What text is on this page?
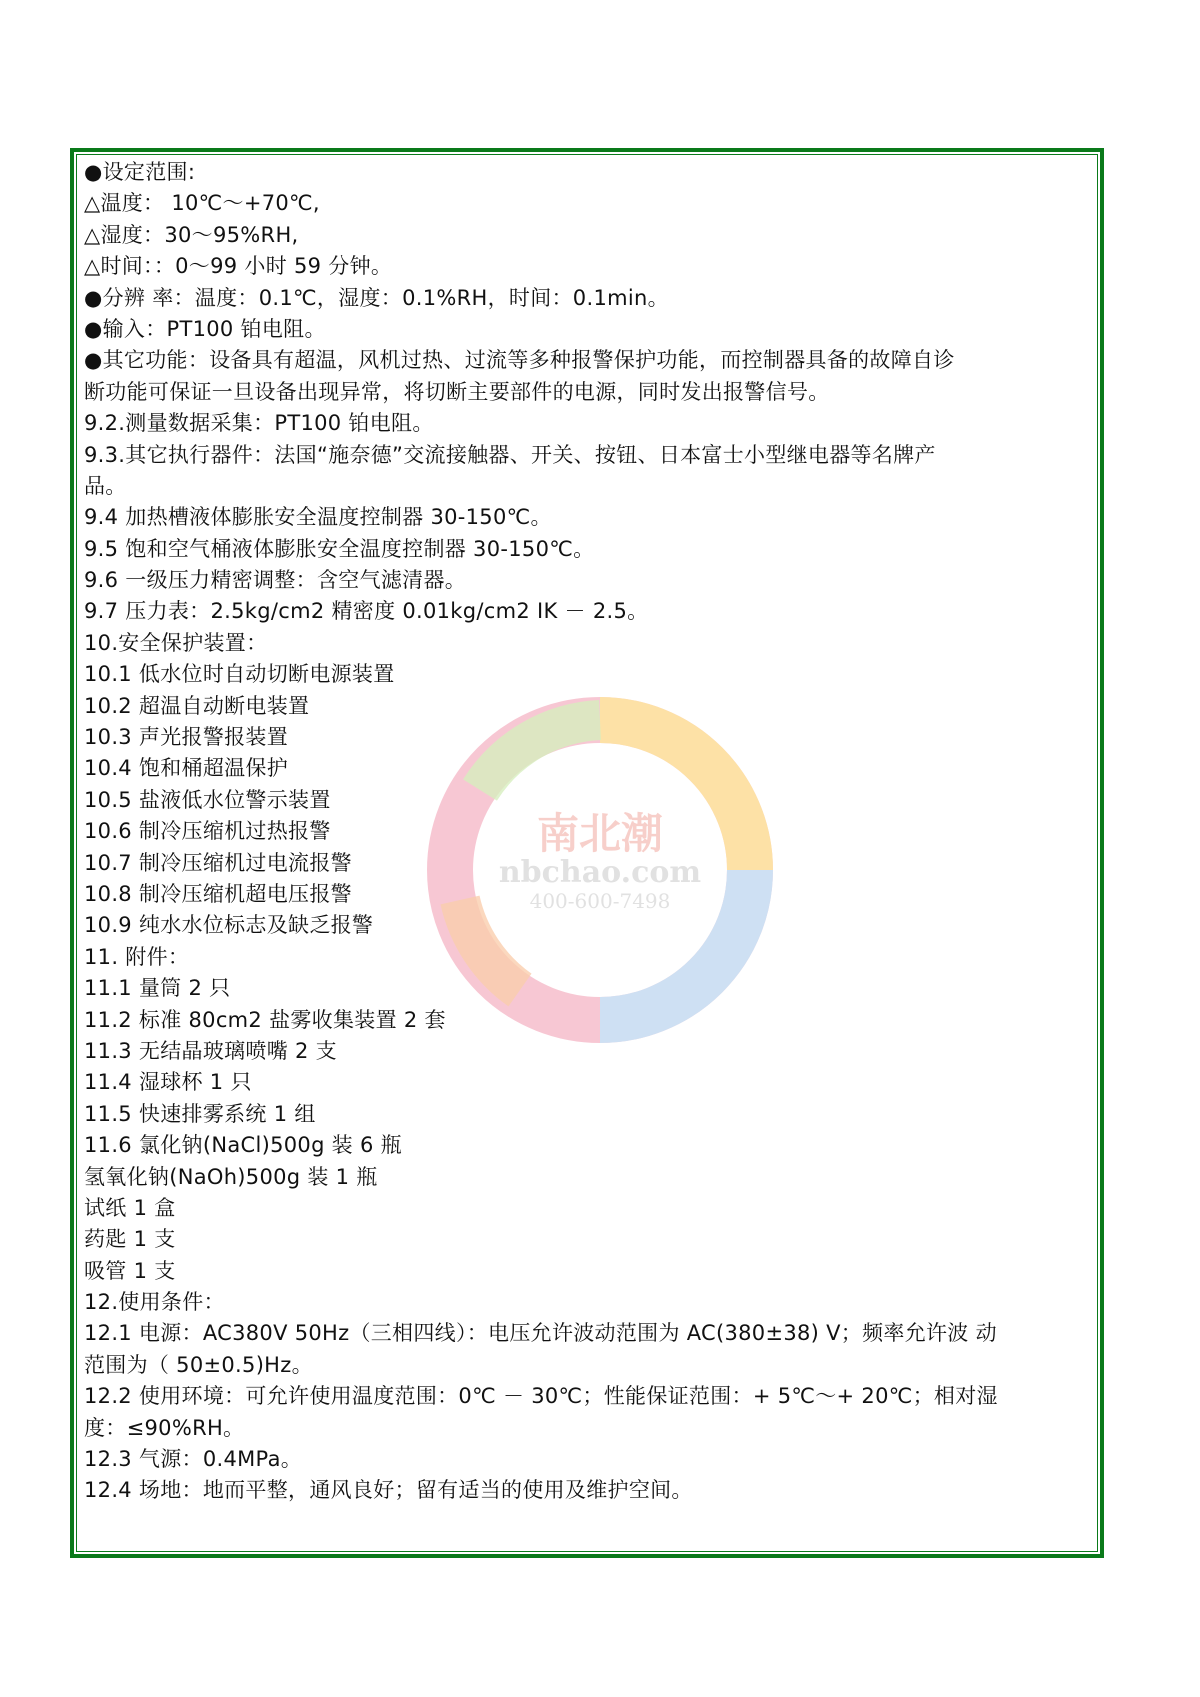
南北潮
nbchao.com
400-600-7498
●设定范围:
△温度： 10℃～+70℃,
△湿度：30～95%RH,
△时间：：0～99 小时 59 分钟。
●分辨 率：温度：0.1℃，湿度：0.1%RH，时间：0.1min。
●输入：PT100 铂电阻。
●其它功能：设备具有超温，风机过热、过流等多种报警保护功能，而控制器具备的故障自诊
断功能可保证一旦设备出现异常，将切断主要部件的电源，同时发出报警信号。
9.2.测量数据采集：PT100 铂电阻。
9.3.其它执行器件：法国“施奈德”交流接触器、开关、按钮、日本富士小型继电器等名牌产
品。
9.4 加热槽液体膨胀安全温度控制器 30-150℃。
9.5 饱和空气桶液体膨胀安全温度控制器 30-150℃。
9.6 一级压力精密调整：含空气滤清器。
9.7 压力表：2.5kg/cm2 精密度 0.01kg/cm2 IK － 2.5。
10.安全保护装置：
10.1 低水位时自动切断电源装置
10.2 超温自动断电装置
10.3 声光报警报装置
10.4 饱和桶超温保护
10.5 盐液低水位警示装置
10.6 制冷压缩机过热报警
10.7 制冷压缩机过电流报警
10.8 制冷压缩机超电压报警
10.9 纯水水位标志及缺乏报警
11. 附件：
11.1 量筒 2 只
11.2 标准 80cm2 盐雾收集装置 2 套
11.3 无结晶玻璃喷嘴 2 支
11.4 湿球杯 1 只
11.5 快速排雾系统 1 组
11.6 氯化钠(NaCl)500g 装 6 瓶
氢氧化钠(NaOh)500g 装 1 瓶
试纸 1 盒
药匙 1 支
吸管 1 支
12.使用条件：
12.1 电源：AC380V 50Hz（三相四线）：电压允许波动范围为 AC(380±38) V；频率允许波 动
范围为（ 50±0.5)Hz。
12.2 使用环境：可允许使用温度范围：0℃ － 30℃；性能保证范围：+ 5℃～+ 20℃；相对湿
度：≤90%RH。
12.3 气源：0.4MPa。
12.4 场地：地而平整，通风良好；留有适当的使用及维护空间。
